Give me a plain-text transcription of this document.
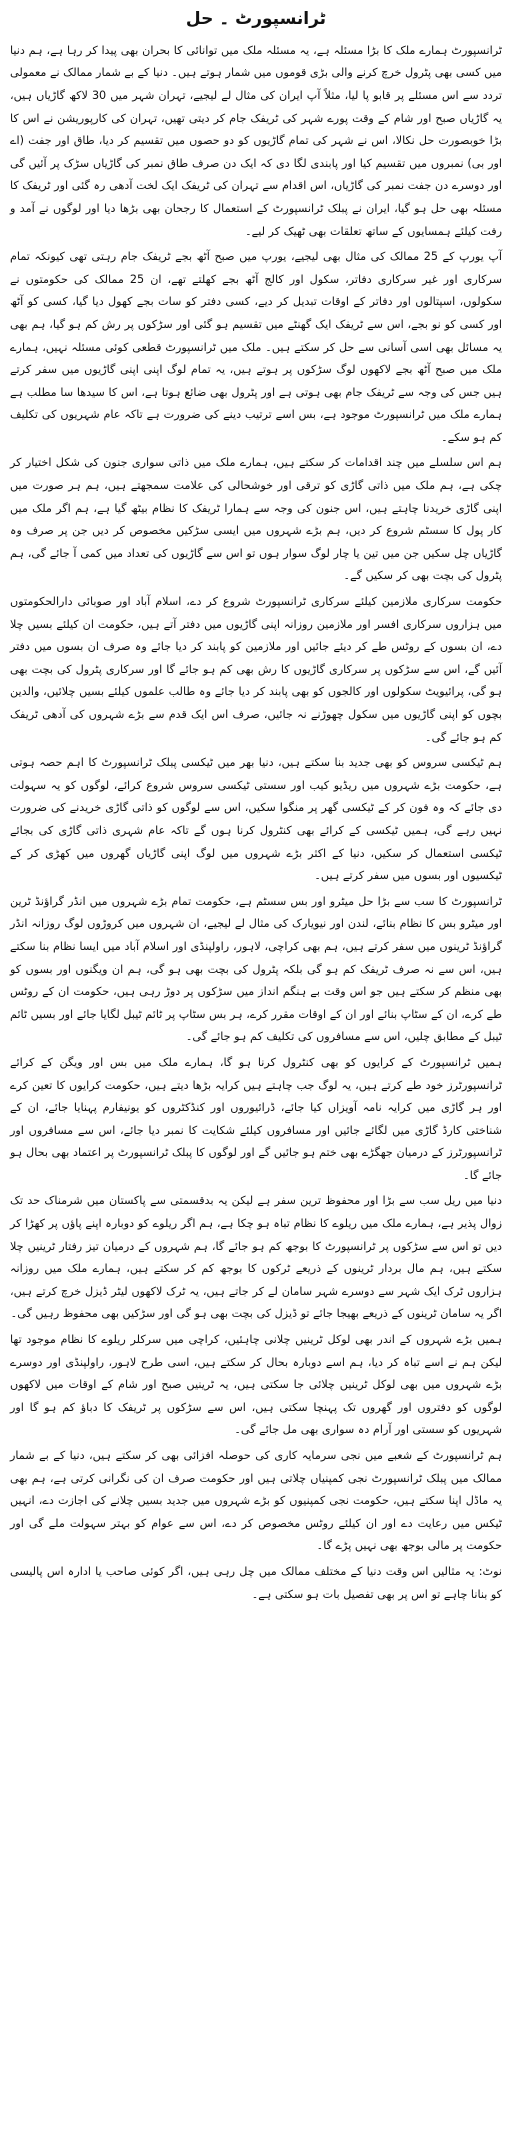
ٹرانسپورٹ ۔ حل

ٹرانسپورٹ ہمارے ملک کا بڑا مسئلہ ہے، یہ مسئلہ ملک میں توانائی کا بحران بھی پیدا کر رہا ہے، ہم دنیا میں کسی بھی پٹرول خرچ کرنے والی بڑی قوموں میں شمار ہوتے ہیں۔ دنیا کے بے شمار ممالک نے معمولی تردد سے اس مسئلے پر قابو پا لیا، مثلاً آپ ایران کی مثال لے لیجیے، تہران شہر میں 30 لاکھ گاڑیاں ہیں، یہ گاڑیاں صبح اور شام کے وقت پورے شہر کی ٹریفک جام کر دیتی تھیں، تہران کی کارپوریشن نے اس کا بڑا خوبصورت حل نکالا، اس نے شہر کی تمام گاڑیوں کو دو حصوں میں تقسیم کر دیا، طاق اور جفت (اے اور بی) نمبروں میں تقسیم کیا اور پابندی لگا دی کہ ایک دن صرف طاق نمبر کی گاڑیاں سڑک پر آئیں گی اور دوسرے دن جفت نمبر کی گاڑیاں، اس اقدام سے تہران کی ٹریفک ایک لخت آدھی رہ گئی اور ٹریفک کا مسئلہ بھی حل ہو گیا، ایران نے پبلک ٹرانسپورٹ کے استعمال کا رجحان بھی بڑھا دیا اور لوگوں نے آمد و رفت کیلئے ہمسایوں کے ساتھ تعلقات بھی ٹھیک کر لیے۔

آپ یورپ کے 25 ممالک کی مثال بھی لیجیے، یورپ میں صبح آٹھ بجے ٹریفک جام رہتی تھی کیونکہ تمام سرکاری اور غیر سرکاری دفاتر، سکول اور کالج آٹھ بجے کھلتے تھے، ان 25 ممالک کی حکومتوں نے سکولوں، اسپتالوں اور دفاتر کے اوقات تبدیل کر دیے، کسی دفتر کو سات بجے کھول دیا گیا، کسی کو آٹھ اور کسی کو نو بجے، اس سے ٹریفک ایک گھنٹے میں تقسیم ہو گئی اور سڑکوں پر رش کم ہو گیا، ہم بھی یہ مسائل بھی اسی آسانی سے حل کر سکتے ہیں۔ ملک میں ٹرانسپورٹ قطعی کوئی مسئلہ نہیں، ہمارے ملک میں صبح آٹھ بجے لاکھوں لوگ سڑکوں پر ہوتے ہیں، یہ تمام لوگ اپنی اپنی گاڑیوں میں سفر کرتے ہیں جس کی وجہ سے ٹریفک جام بھی ہوتی ہے اور پٹرول بھی ضائع ہوتا ہے، اس کا سیدھا سا مطلب ہے ہمارے ملک میں ٹرانسپورٹ موجود ہے، بس اسے ترتیب دینے کی ضرورت ہے تاکہ عام شہریوں کی تکلیف کم ہو سکے۔

ہم اس سلسلے میں چند اقدامات کر سکتے ہیں، ہمارے ملک میں ذاتی سواری جنون کی شکل اختیار کر چکی ہے، ہم ملک میں ذاتی گاڑی کو ترقی اور خوشحالی کی علامت سمجھتے ہیں، ہم ہر صورت میں اپنی گاڑی خریدنا چاہتے ہیں، اس جنون کی وجہ سے ہمارا ٹریفک کا نظام بیٹھ گیا ہے، ہم اگر ملک میں کار پول کا سسٹم شروع کر دیں، ہم بڑے شہروں میں ایسی سڑکیں مخصوص کر دیں جن پر صرف وہ گاڑیاں چل سکیں جن میں تین یا چار لوگ سوار ہوں تو اس سے گاڑیوں کی تعداد میں کمی آ جائے گی، ہم پٹرول کی بچت بھی کر سکیں گے۔

حکومت سرکاری ملازمین کیلئے سرکاری ٹرانسپورٹ شروع کر دے، اسلام آباد اور صوبائی دارالحکومتوں میں ہزاروں سرکاری افسر اور ملازمین روزانہ اپنی گاڑیوں میں دفتر آتے ہیں، حکومت ان کیلئے بسیں چلا دے، ان بسوں کے روٹس طے کر دیئے جائیں اور ملازمین کو پابند کر دیا جائے وہ صرف ان بسوں میں دفتر آئیں گے، اس سے سڑکوں پر سرکاری گاڑیوں کا رش بھی کم ہو جائے گا اور سرکاری پٹرول کی بچت بھی ہو گی، پرائیویٹ سکولوں اور کالجوں کو بھی پابند کر دیا جائے وہ طالب علموں کیلئے بسیں چلائیں، والدین بچوں کو اپنی گاڑیوں میں سکول چھوڑنے نہ جائیں، صرف اس ایک قدم سے بڑے شہروں کی آدھی ٹریفک کم ہو جائے گی۔

ہم ٹیکسی سروس کو بھی جدید بنا سکتے ہیں، دنیا بھر میں ٹیکسی پبلک ٹرانسپورٹ کا اہم حصہ ہوتی ہے، حکومت بڑے شہروں میں ریڈیو کیب اور سستی ٹیکسی سروس شروع کرائے، لوگوں کو یہ سہولت دی جائے کہ وہ فون کر کے ٹیکسی گھر پر منگوا سکیں، اس سے لوگوں کو ذاتی گاڑی خریدنے کی ضرورت نہیں رہے گی، ہمیں ٹیکسی کے کرائے بھی کنٹرول کرنا ہوں گے تاکہ عام شہری ذاتی گاڑی کی بجائے ٹیکسی استعمال کر سکیں، دنیا کے اکثر بڑے شہروں میں لوگ اپنی گاڑیاں گھروں میں کھڑی کر کے ٹیکسیوں اور بسوں میں سفر کرتے ہیں۔

ٹرانسپورٹ کا سب سے بڑا حل میٹرو اور بس سسٹم ہے، حکومت تمام بڑے شہروں میں انڈر گراؤنڈ ٹرین اور میٹرو بس کا نظام بنائے، لندن اور نیویارک کی مثال لے لیجیے، ان شہروں میں کروڑوں لوگ روزانہ انڈر گراؤنڈ ٹرینوں میں سفر کرتے ہیں، ہم بھی کراچی، لاہور، راولپنڈی اور اسلام آباد میں ایسا نظام بنا سکتے ہیں، اس سے نہ صرف ٹریفک کم ہو گی بلکہ پٹرول کی بچت بھی ہو گی، ہم ان ویگنوں اور بسوں کو بھی منظم کر سکتے ہیں جو اس وقت بے ہنگم انداز میں سڑکوں پر دوڑ رہی ہیں، حکومت ان کے روٹس طے کرے، ان کے سٹاپ بنائے اور ان کے اوقات مقرر کرے، ہر بس سٹاپ پر ٹائم ٹیبل لگایا جائے اور بسیں ٹائم ٹیبل کے مطابق چلیں، اس سے مسافروں کی تکلیف کم ہو جائے گی۔

ہمیں ٹرانسپورٹ کے کرایوں کو بھی کنٹرول کرنا ہو گا، ہمارے ملک میں بس اور ویگن کے کرائے ٹرانسپورٹرز خود طے کرتے ہیں، یہ لوگ جب چاہتے ہیں کرایہ بڑھا دیتے ہیں، حکومت کرایوں کا تعین کرے اور ہر گاڑی میں کرایہ نامہ آویزاں کیا جائے، ڈرائیوروں اور کنڈکٹروں کو یونیفارم پہنایا جائے، ان کے شناختی کارڈ گاڑی میں لگائے جائیں اور مسافروں کیلئے شکایت کا نمبر دیا جائے، اس سے مسافروں اور ٹرانسپورٹرز کے درمیان جھگڑے بھی ختم ہو جائیں گے اور لوگوں کا پبلک ٹرانسپورٹ پر اعتماد بھی بحال ہو جائے گا۔

دنیا میں ریل سب سے بڑا اور محفوظ ترین سفر ہے لیکن یہ بدقسمتی سے پاکستان میں شرمناک حد تک زوال پذیر ہے، ہمارے ملک میں ریلوے کا نظام تباہ ہو چکا ہے، ہم اگر ریلوے کو دوبارہ اپنے پاؤں پر کھڑا کر دیں تو اس سے سڑکوں پر ٹرانسپورٹ کا بوجھ کم ہو جائے گا، ہم شہروں کے درمیان تیز رفتار ٹرینیں چلا سکتے ہیں، ہم مال بردار ٹرینوں کے ذریعے ٹرکوں کا بوجھ کم کر سکتے ہیں، ہمارے ملک میں روزانہ ہزاروں ٹرک ایک شہر سے دوسرے شہر سامان لے کر جاتے ہیں، یہ ٹرک لاکھوں لیٹر ڈیزل خرچ کرتے ہیں، اگر یہ سامان ٹرینوں کے ذریعے بھیجا جائے تو ڈیزل کی بچت بھی ہو گی اور سڑکیں بھی محفوظ رہیں گی۔

ہمیں بڑے شہروں کے اندر بھی لوکل ٹرینیں چلانی چاہئیں، کراچی میں سرکلر ریلوے کا نظام موجود تھا لیکن ہم نے اسے تباہ کر دیا، ہم اسے دوبارہ بحال کر سکتے ہیں، اسی طرح لاہور، راولپنڈی اور دوسرے بڑے شہروں میں بھی لوکل ٹرینیں چلائی جا سکتی ہیں، یہ ٹرینیں صبح اور شام کے اوقات میں لاکھوں لوگوں کو دفتروں اور گھروں تک پہنچا سکتی ہیں، اس سے سڑکوں پر ٹریفک کا دباؤ کم ہو گا اور شہریوں کو سستی اور آرام دہ سواری بھی مل جائے گی۔

ہم ٹرانسپورٹ کے شعبے میں نجی سرمایہ کاری کی حوصلہ افزائی بھی کر سکتے ہیں، دنیا کے بے شمار ممالک میں پبلک ٹرانسپورٹ نجی کمپنیاں چلاتی ہیں اور حکومت صرف ان کی نگرانی کرتی ہے، ہم بھی یہ ماڈل اپنا سکتے ہیں، حکومت نجی کمپنیوں کو بڑے شہروں میں جدید بسیں چلانے کی اجازت دے، انہیں ٹیکس میں رعایت دے اور ان کیلئے روٹس مخصوص کر دے، اس سے عوام کو بہتر سہولت ملے گی اور حکومت پر مالی بوجھ بھی نہیں پڑے گا۔

نوٹ: یہ مثالیں اس وقت دنیا کے مختلف ممالک میں چل رہی ہیں، اگر کوئی صاحب یا ادارہ اس پالیسی کو بنانا چاہے تو اس پر بھی تفصیل بات ہو سکتی ہے۔
